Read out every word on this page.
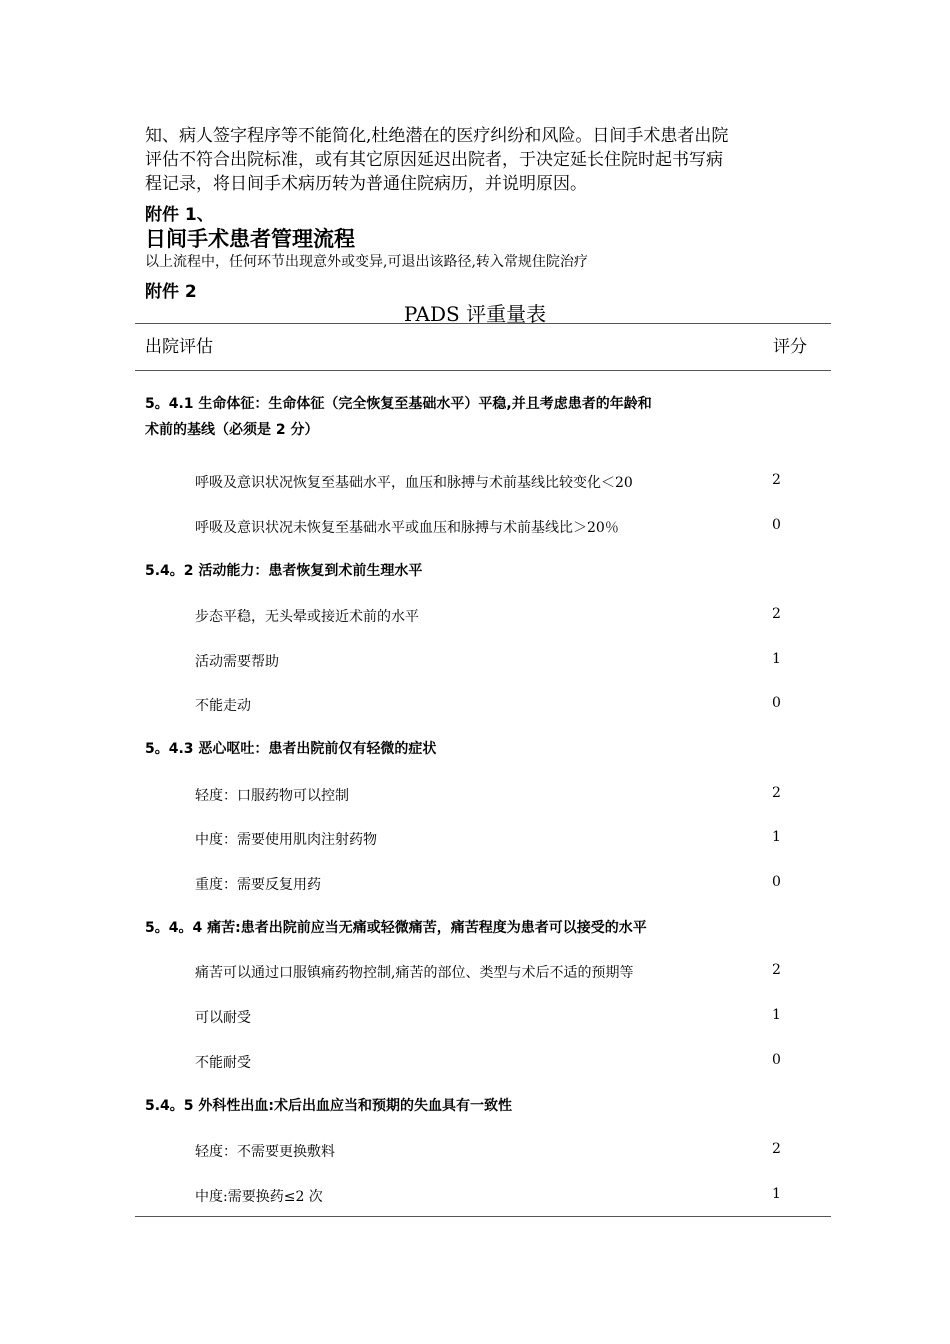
知、病人签字程序等不能简化,杜绝潜在的医疗纠纷和风险。日间手术患者出院
评估不符合出院标准，或有其它原因延迟出院者，于决定延长住院时起书写病
程记录，将日间手术病历转为普通住院病历，并说明原因。

附件 1、

日间手术患者管理流程

以上流程中，任何环节出现意外或变异,可退出该路径,转入常规住院治疗

附件 2

PADS 评重量表

出院评估	评分

5。4.1 生命体征：生命体征（完全恢复至基础水平）平稳,并且考虑患者的年龄和
术前的基线（必须是 2 分）

呼吸及意识状况恢复至基础水平，血压和脉搏与术前基线比较变化＜20	2

呼吸及意识状况未恢复至基础水平或血压和脉搏与术前基线比＞20％	0

5.4。2 活动能力：患者恢复到术前生理水平

步态平稳，无头晕或接近术前的水平	2

活动需要帮助	1

不能走动	0

5。4.3 恶心呕吐：患者出院前仅有轻微的症状

轻度：口服药物可以控制	2

中度：需要使用肌肉注射药物	1

重度：需要反复用药	0

5。4。4 痛苦:患者出院前应当无痛或轻微痛苦，痛苦程度为患者可以接受的水平

痛苦可以通过口服镇痛药物控制,痛苦的部位、类型与术后不适的预期等	2

可以耐受	1

不能耐受	0

5.4。5 外科性出血:术后出血应当和预期的失血具有一致性

轻度：不需要更换敷料	2

中度:需要换药≤2 次	1
